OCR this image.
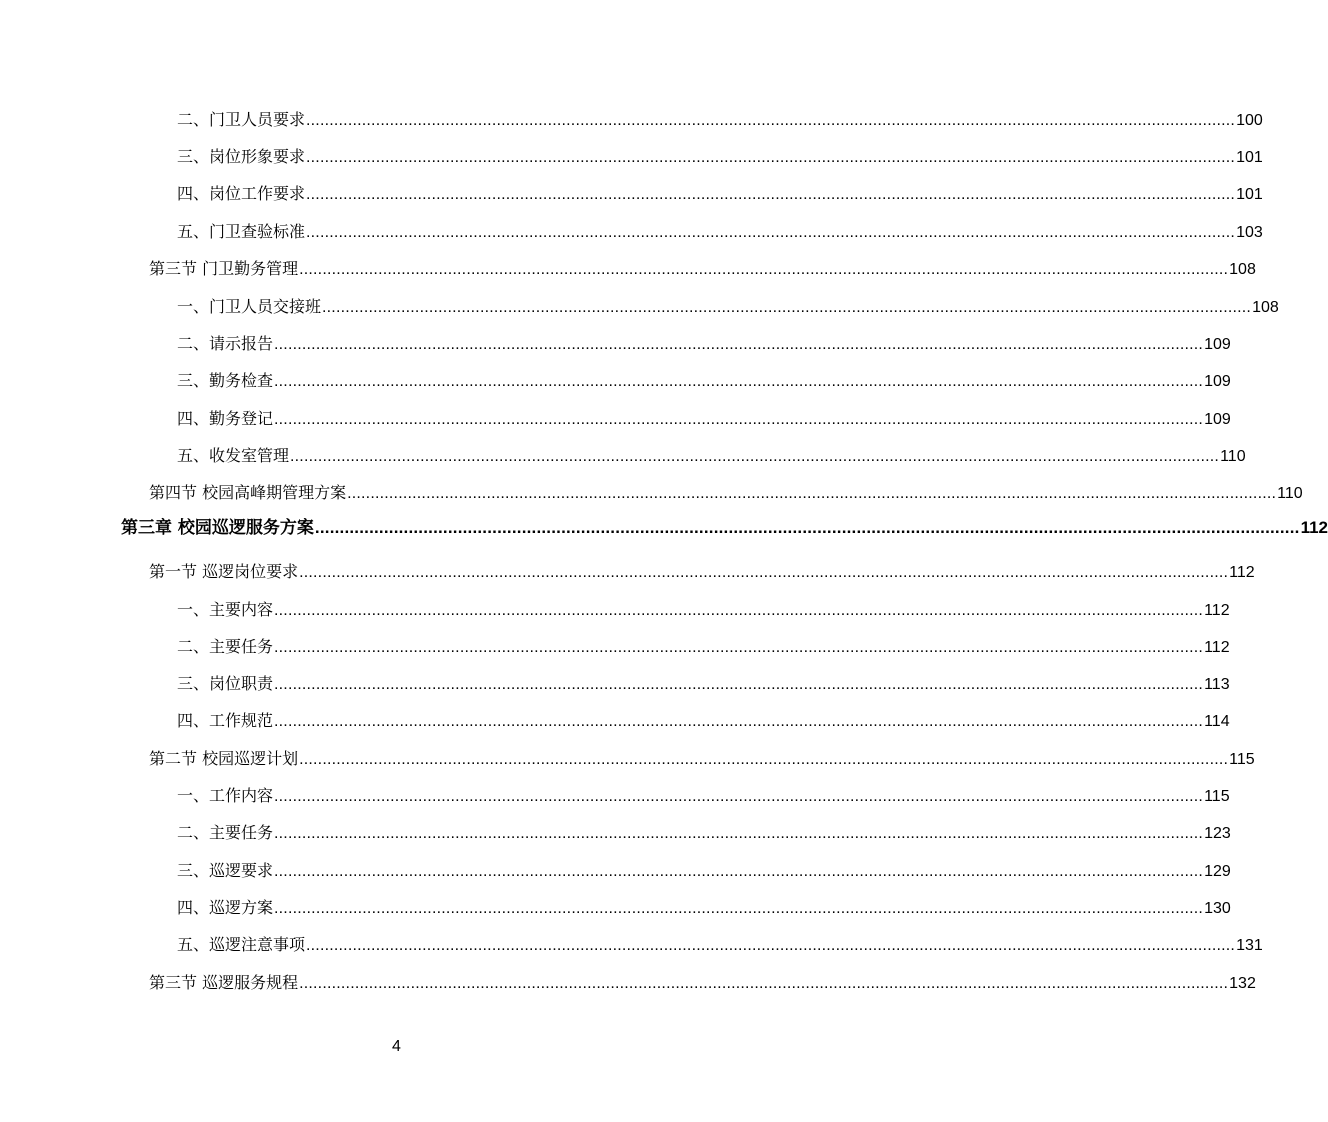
二、门卫人员要求 ........................................................................................................................................................................................................ 100
三、岗位形象要求 ........................................................................................................................................................................................................ 101
四、岗位工作要求 ........................................................................................................................................................................................................ 101
五、门卫查验标准 ........................................................................................................................................................................................................ 103
第三节 门卫勤务管理 ........................................................................................................................................................................................................ 108
一、门卫人员交接班 ........................................................................................................................................................................................................ 108
二、请示报告 ........................................................................................................................................................................................................ 109
三、勤务检查 ........................................................................................................................................................................................................ 109
四、勤务登记 ........................................................................................................................................................................................................ 109
五、收发室管理 ........................................................................................................................................................................................................ 110
第四节 校园高峰期管理方案 ........................................................................................................................................................................................................ 110
第三章 校园巡逻服务方案 ........................................................................................................................................................................................................ 112
第一节 巡逻岗位要求 ........................................................................................................................................................................................................ 112
一、主要内容 ........................................................................................................................................................................................................ 112
二、主要任务 ........................................................................................................................................................................................................ 112
三、岗位职责 ........................................................................................................................................................................................................ 113
四、工作规范 ........................................................................................................................................................................................................ 114
第二节 校园巡逻计划 ........................................................................................................................................................................................................ 115
一、工作内容 ........................................................................................................................................................................................................ 115
二、主要任务 ........................................................................................................................................................................................................ 123
三、巡逻要求 ........................................................................................................................................................................................................ 129
四、巡逻方案 ........................................................................................................................................................................................................ 130
五、巡逻注意事项 ........................................................................................................................................................................................................ 131
第三节 巡逻服务规程 ........................................................................................................................................................................................................ 132
4
